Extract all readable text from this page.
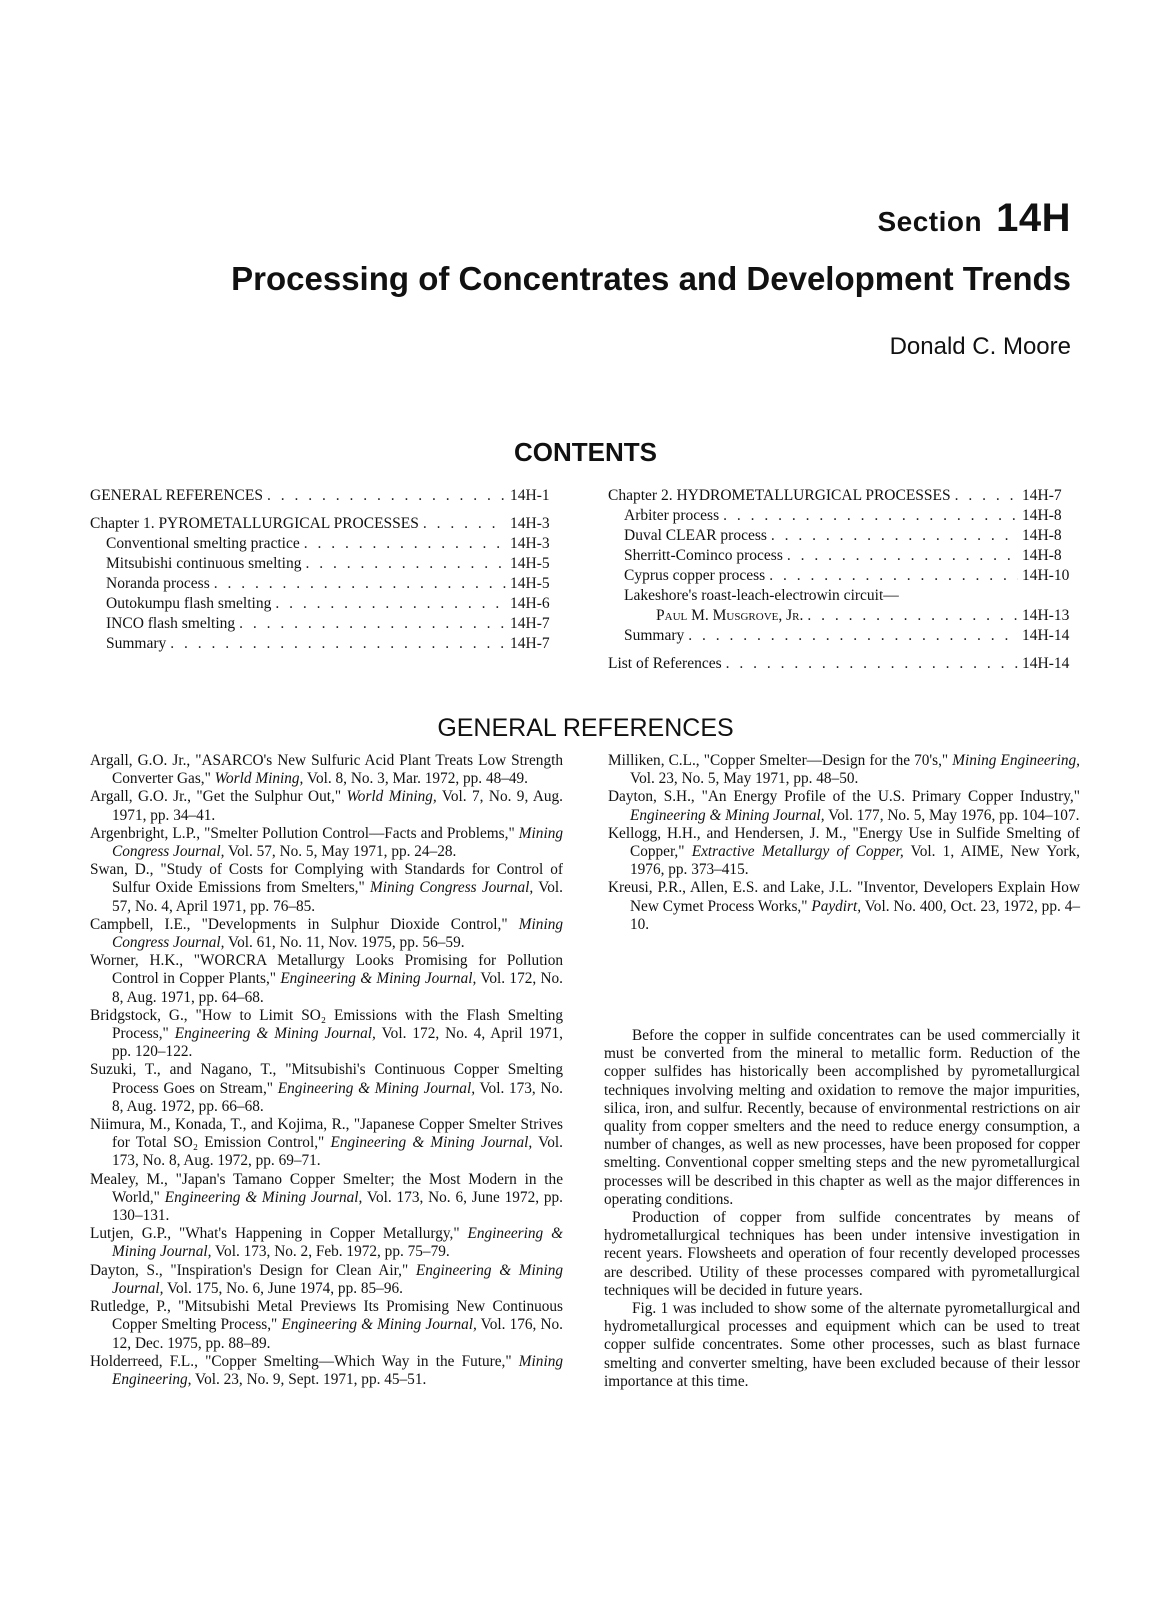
Section 14H
Processing of Concentrates and Development Trends
Donald C. Moore
CONTENTS
GENERAL REFERENCES . . .	14H-1
Chapter 1. PYROMETALLURGICAL PROCESSES . . .	14H-3
Conventional smelting practice . . .	14H-3
Mitsubishi continuous smelting . . .	14H-5
Noranda process . . .	14H-5
Outokumpu flash smelting . . .	14H-6
INCO flash smelting . . .	14H-7
Summary . . .	14H-7
Chapter 2. HYDROMETALLURGICAL PROCESSES . . .	14H-7
Arbiter process . . .	14H-8
Duval CLEAR process . . .	14H-8
Sherritt-Cominco process . . .	14H-8
Cyprus copper process . . .	14H-10
Lakeshore's roast-leach-electrowin circuit—
Paul M. Musgrove, Jr. . . .	14H-13
Summary . . .	14H-14
List of References . . .	14H-14
GENERAL REFERENCES

Argall, G.O. Jr., "ASARCO's New Sulfuric Acid Plant Treats Low Strength Converter Gas," World Mining, Vol. 8, No. 3, Mar. 1972, pp. 48–49.

Argall, G.O. Jr., "Get the Sulphur Out," World Mining, Vol. 7, No. 9, Aug. 1971, pp. 34–41.

Argenbright, L.P., "Smelter Pollution Control—Facts and Problems," Mining Congress Journal, Vol. 57, No. 5, May 1971, pp. 24–28.

Swan, D., "Study of Costs for Complying with Standards for Control of Sulfur Oxide Emissions from Smelters," Mining Congress Journal, Vol. 57, No. 4, April 1971, pp. 76–85.

Campbell, I.E., "Developments in Sulphur Dioxide Control," Mining Congress Journal, Vol. 61, No. 11, Nov. 1975, pp. 56–59.

Worner, H.K., "WORCRA Metallurgy Looks Promising for Pollution Control in Copper Plants," Engineering & Mining Journal, Vol. 172, No. 8, Aug. 1971, pp. 64–68.

Bridgstock, G., "How to Limit SO₂ Emissions with the Flash Smelting Process," Engineering & Mining Journal, Vol. 172, No. 4, April 1971, pp. 120–122.

Suzuki, T., and Nagano, T., "Mitsubishi's Continuous Copper Smelting Process Goes on Stream," Engineering & Mining Journal, Vol. 173, No. 8, Aug. 1972, pp. 66–68.

Niimura, M., Konada, T., and Kojima, R., "Japanese Copper Smelter Strives for Total SO₂ Emission Control," Engineering & Mining Journal, Vol. 173, No. 8, Aug. 1972, pp. 69–71.

Mealey, M., "Japan's Tamano Copper Smelter; the Most Modern in the World," Engineering & Mining Journal, Vol. 173, No. 6, June 1972, pp. 130–131.

Lutjen, G.P., "What's Happening in Copper Metallurgy," Engineering & Mining Journal, Vol. 173, No. 2, Feb. 1972, pp. 75–79.

Dayton, S., "Inspiration's Design for Clean Air," Engineering & Mining Journal, Vol. 175, No. 6, June 1974, pp. 85–96.

Rutledge, P., "Mitsubishi Metal Previews Its Promising New Continuous Copper Smelting Process," Engineering & Mining Journal, Vol. 176, No. 12, Dec. 1975, pp. 88–89.

Holderreed, F.L., "Copper Smelting—Which Way in the Future," Mining Engineering, Vol. 23, No. 9, Sept. 1971, pp. 45–51.

Milliken, C.L., "Copper Smelter—Design for the 70's," Mining Engineering, Vol. 23, No. 5, May 1971, pp. 48–50.

Dayton, S.H., "An Energy Profile of the U.S. Primary Copper Industry," Engineering & Mining Journal, Vol. 177, No. 5, May 1976, pp. 104–107.

Kellogg, H.H., and Hendersen, J. M., "Energy Use in Sulfide Smelting of Copper," Extractive Metallurgy of Copper, Vol. 1, AIME, New York, 1976, pp. 373–415.

Kreusi, P.R., Allen, E.S. and Lake, J.L. "Inventor, Developers Explain How New Cymet Process Works," Paydirt, Vol. No. 400, Oct. 23, 1972, pp. 4–10.

Before the copper in sulfide concentrates can be used commercially it must be converted from the mineral to metallic form. Reduction of the copper sulfides has historically been accomplished by pyrometallurgical techniques involving melting and oxidation to remove the major impurities, silica, iron, and sulfur. Recently, because of environmental restrictions on air quality from copper smelters and the need to reduce energy consumption, a number of changes, as well as new processes, have been proposed for copper smelting. Conventional copper smelting steps and the new pyrometallurgical processes will be described in this chapter as well as the major differences in operating conditions.

Production of copper from sulfide concentrates by means of hydrometallurgical techniques has been under intensive investigation in recent years. Flowsheets and operation of four recently developed processes are described. Utility of these processes compared with pyrometallurgical techniques will be decided in future years.

Fig. 1 was included to show some of the alternate pyrometallurgical and hydrometallurgical processes and equipment which can be used to treat copper sulfide concentrates. Some other processes, such as blast furnace smelting and converter smelting, have been excluded because of their lessor importance at this time.
